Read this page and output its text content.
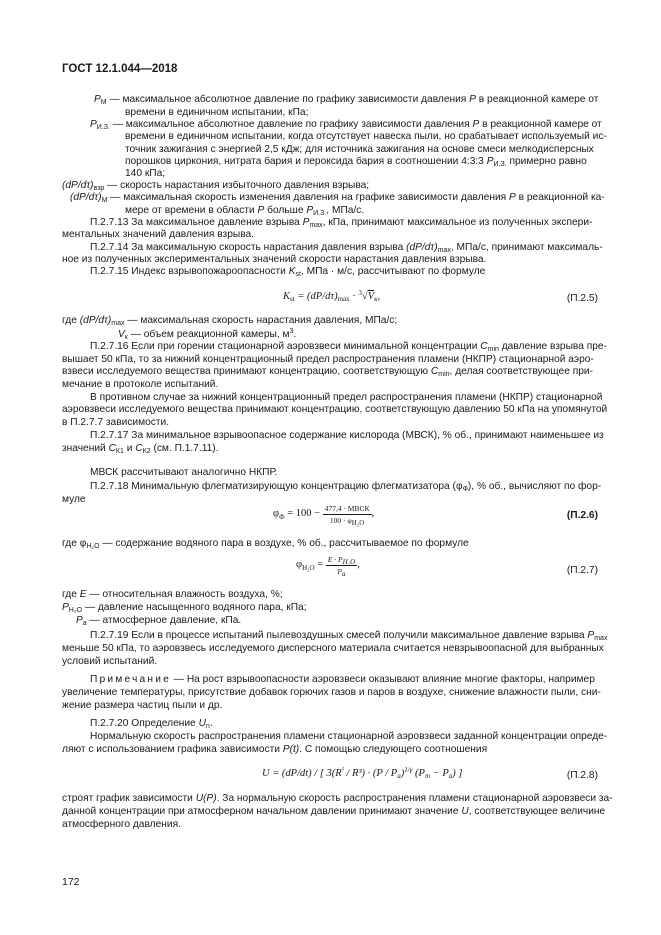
ГОСТ 12.1.044—2018
$P_М$ — максимальное абсолютное давление по графику зависимости давления P в реакционной камере от
времени в единичном испытании, кПа;
$P_{И.З.}$ — максимальное абсолютное давление по графику зависимости давления P в реакционной камере от
времени в единичном испытании, когда отсутствует навеска пыли, но срабатывает используемый ис-
точник зажигания с энергией 2,5 кДж; для источника зажигания на основе смеси мелкодисперсных
порошков циркония, нитрата бария и пероксида бария в соотношении 4:3:3 $P_{И.З.}$ примерно равно
140 кПа;
$(dP/d\tau)_{взр}$ — скорость нарастания избыточного давления взрыва;
$(dP/d\tau)_М$ — максимальная скорость изменения давления на графике зависимости давления P в реакционной ка-
мере от времени в области P больше $P_{И.З.}$, МПа/с.
П.2.7.13 За максимальное давление взрыва $P_{max}$, кПа, принимают максимальное из полученных экспери-
ментальных значений давления взрыва.
П.2.7.14 За максимальную скорость нарастания давления взрыва $(dP/d\tau)_{max}$, МПа/с, принимают максималь-
ное из полученных экспериментальных значений скорости нарастания давления взрыва.
П.2.7.15 Индекс взрывопожароопасности $K_{st}$, МПа · м/с, рассчитывают по формуле
$K_{st} = (dP/d\tau)_{max} \cdot ^3√V_к$,	(П.2.5)
где $(dP/d\tau)_{max}$ — максимальная скорость нарастания давления, МПа/с;
$V_к$ — объем реакционной камеры, $м^3$.
П.2.7.16 Если при горении стационарной аэровзвеси минимальной концентрации $C_{min}$ давление взрыва пре-
вышает 50 кПа, то за нижний концентрационный предел распространения пламени (НКПР) стационарной аэро-
взвеси исследуемого вещества принимают концентрацию, соответствующую $C_{min}$, делая соответствующее при-
мечание в протоколе испытаний.
В противном случае за нижний концентрационный предел распространения пламени (НКПР) стационарной
аэровзвеси исследуемого вещества принимают концентрацию, соответствующую давлению 50 кПа на упомянутой
в П.2.7.7 зависимости.
П.2.7.17 За минимальное взрывоопасное содержание кислорода (МВСК), % об., принимают наименьшее из
значений $C_{К1}$ и $C_{К2}$ (см. П.1.7.11).
МВСК рассчитывают аналогично НКПР.
П.2.7.18 Минимальную флегматизирующую концентрацию флегматизатора $(\varphi_Ф)$, % об., вычисляют по фор-
муле
$\varphi_Ф = 100 - \frac{\text{477,4 · МВСК}}{100 \cdot \varphi_{H_2O}}$ ,	(П.2.6)
где $\varphi_{H_2O}$ — содержание водяного пара в воздухе, % об., рассчитываемое по формуле
$\varphi_{H_2O} = \frac{E \cdot P_{H_2O}}{P_а}$ ,
(П.2.7)
где E — относительная влажность воздуха, %;
$P_{H_2O}$ — давление насыщенного водяного пара, кПа;
$P_а$ — атмосферное давление, кПа.
П.2.7.19 Если в процессе испытаний пылевоздушных смесей получили максимальное давление взрыва $P_{max}$
меньше 50 кПа, то аэровзвесь исследуемого дисперсного материала считается невзрывоопасной для выбранных
условий испытаний.
Примечание — На рост взрывоопасности аэровзвеси оказывают влияние многие факторы, например
увеличение температуры, присутствие добавок горючих газов и паров в воздухе, снижение влажности пыли, сни-
жение размера частиц пыли и др.
П.2.7.20 Определение $U_n$.
Нормальную скорость распространения пламени стационарной аэровзвеси заданной концентрации опреде-
ляют с использованием графика зависимости P(t). С помощью следующего соотношения
U = (dP/dt) / [ $3(R^{^2} / R^3) \cdot (P / P_а)^{1/\gamma}$ $(P_m - P_а)$ ]	(П.2.8)
строят график зависимости U(P). За нормальную скорость распространения пламени стационарной аэровзвеси за-
данной концентрации при атмосферном начальном давлении принимают значение U, соответствующее величине
атмосферного давления.
172
